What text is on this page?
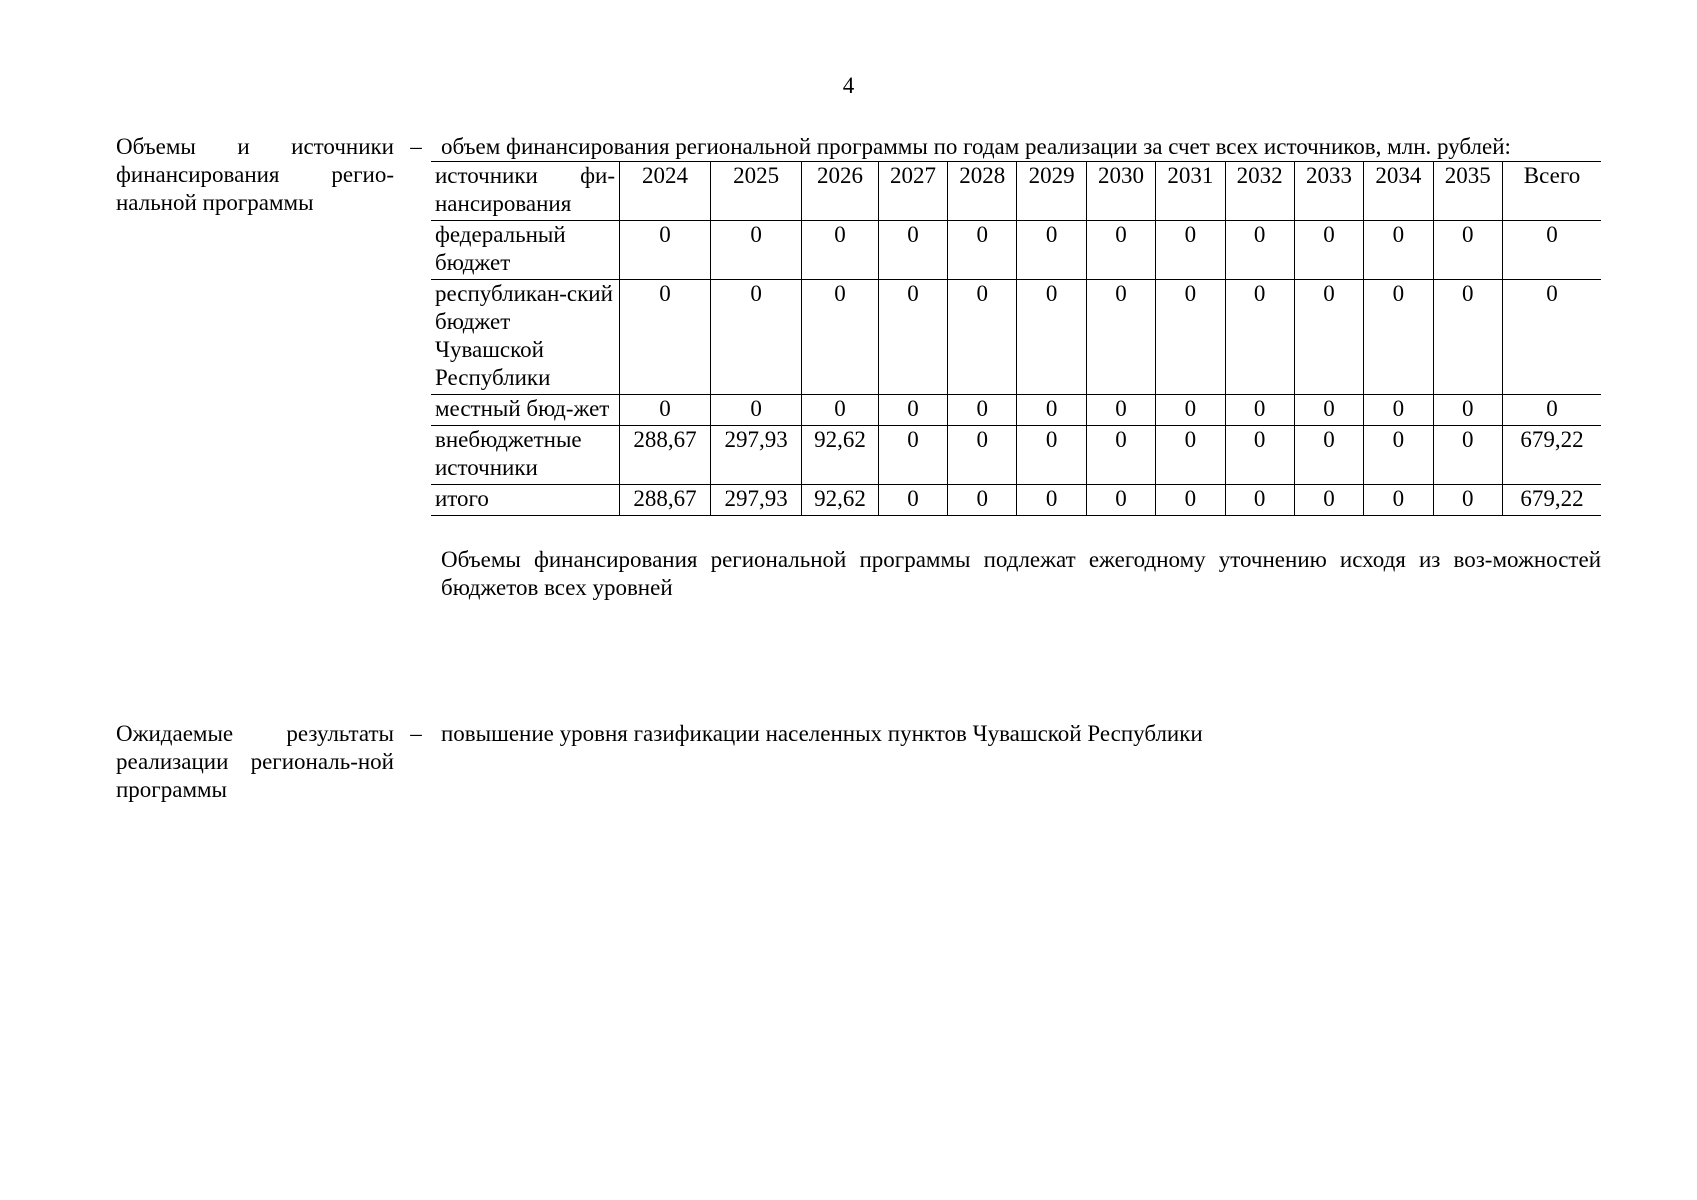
4
Объемы и источники финансирования регио-нальной программы
– объем финансирования региональной программы по годам реализации за счет всех источников, млн. рублей:
источники фи-нансирования	2024	2025	2026	2027	2028	2029	2030	2031	2032	2033	2034	2035	Всего
федеральный бюджет	0	0	0	0	0	0	0	0	0	0	0	0	0
республикан-ский бюджет Чувашской Республики	0	0	0	0	0	0	0	0	0	0	0	0	0
местный бюд-жет	0	0	0	0	0	0	0	0	0	0	0	0	0
внебюджетные источники	288,67	297,93	92,62	0	0	0	0	0	0	0	0	0	679,22
итого	288,67	297,93	92,62	0	0	0	0	0	0	0	0	0	679,22
Объемы финансирования региональной программы подлежат ежегодному уточнению исходя из воз-можностей бюджетов всех уровней
Ожидаемые результаты реализации региональ-ной программы
– повышение уровня газификации населенных пунктов Чувашской Республики
